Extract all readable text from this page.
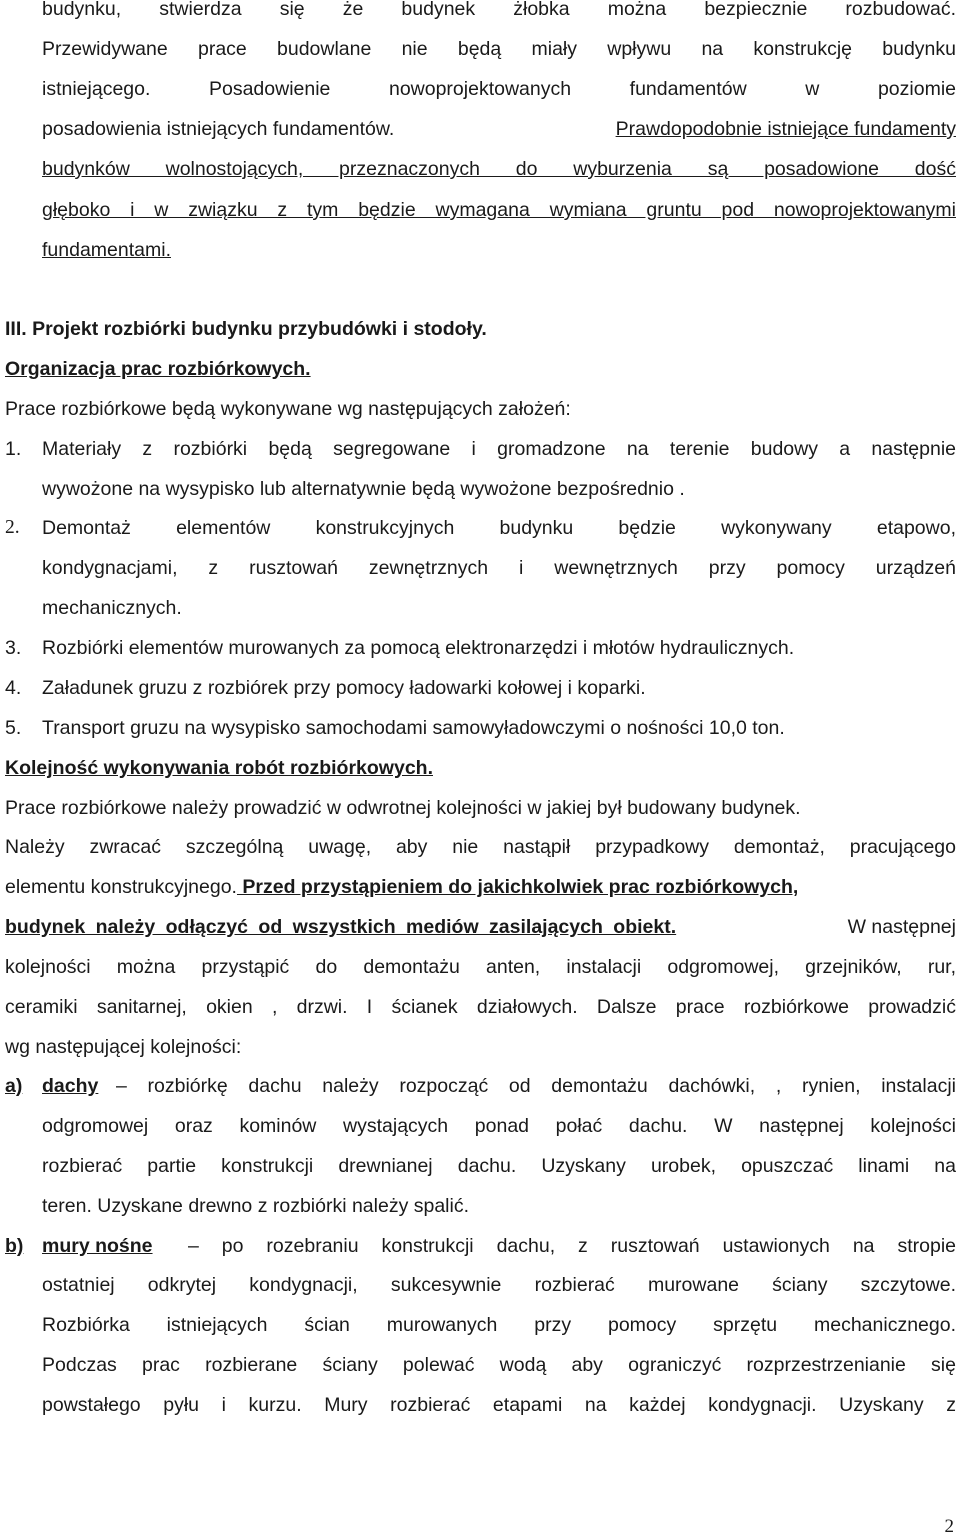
budynku, stwierdza się że budynek żłobka można bezpiecznie rozbudować.
Przewidywane prace budowlane nie będą miały wpływu na konstrukcję budynku
istniejącego. Posadowienie nowoprojektowanych fundamentów w poziomie
posadowienia istniejących fundamentów.	Prawdopodobnie istniejące fundamenty
budynków wolnostojących, przeznaczonych do wyburzenia są posadowione dość
głęboko i w związku z tym będzie wymagana wymiana gruntu pod nowoprojektowanymi
fundamentami.
III. Projekt rozbiórki budynku przybudówki i stodoły.
Organizacja prac rozbiórkowych.
Prace rozbiórkowe będą wykonywane wg następujących założeń:
1. Materiały z rozbiórki będą segregowane i gromadzone na terenie budowy a następnie
wywożone na wysypisko lub alternatywnie będą wywożone bezpośrednio .
2. Demontaż elementów konstrukcyjnych budynku będzie wykonywany etapowo,
kondygnacjami, z rusztowań zewnętrznych i wewnętrznych przy pomocy urządzeń
mechanicznych.
3. Rozbiórki elementów murowanych za pomocą elektronarzędzi i młotów hydraulicznych.
4. Załadunek gruzu z rozbiórek przy pomocy ładowarki kołowej i koparki.
5. Transport gruzu na wysypisko samochodami samowyładowczymi o nośności 10,0 ton.
Kolejność wykonywania robót rozbiórkowych.
Prace rozbiórkowe należy prowadzić w odwrotnej kolejności w jakiej był budowany budynek.
Należy zwracać szczególną uwagę, aby nie nastąpił przypadkowy demontaż, pracującego
elementu konstrukcyjnego. Przed przystąpieniem do jakichkolwiek prac rozbiórkowych,
budynek należy odłączyć od wszystkich mediów zasilających obiekt.	W następnej
kolejności można przystąpić do demontażu anten, instalacji odgromowej, grzejników, rur,
ceramiki sanitarnej, okien , drzwi. I ścianek działowych. Dalsze prace rozbiórkowe prowadzić
wg następującej kolejności:
a) dachy – rozbiórkę dachu należy rozpocząć od demontażu dachówki, , rynien, instalacji
odgromowej oraz kominów wystających ponad połać dachu. W następnej kolejności
rozbierać partie konstrukcji drewnianej dachu. Uzyskany urobek, opuszczać linami na
teren. Uzyskane drewno z rozbiórki należy spalić.
b) mury nośne – po rozebraniu konstrukcji dachu, z rusztowań ustawionych na stropie
ostatniej odkrytej kondygnacji, sukcesywnie rozbierać murowane ściany szczytowe.
Rozbiórka istniejących ścian murowanych przy pomocy sprzętu mechanicznego.
Podczas prac rozbierane ściany polewać wodą aby ograniczyć rozprzestrzenianie się
powstałego pyłu i kurzu. Mury rozbierać etapami na każdej kondygnacji. Uzyskany z
2
